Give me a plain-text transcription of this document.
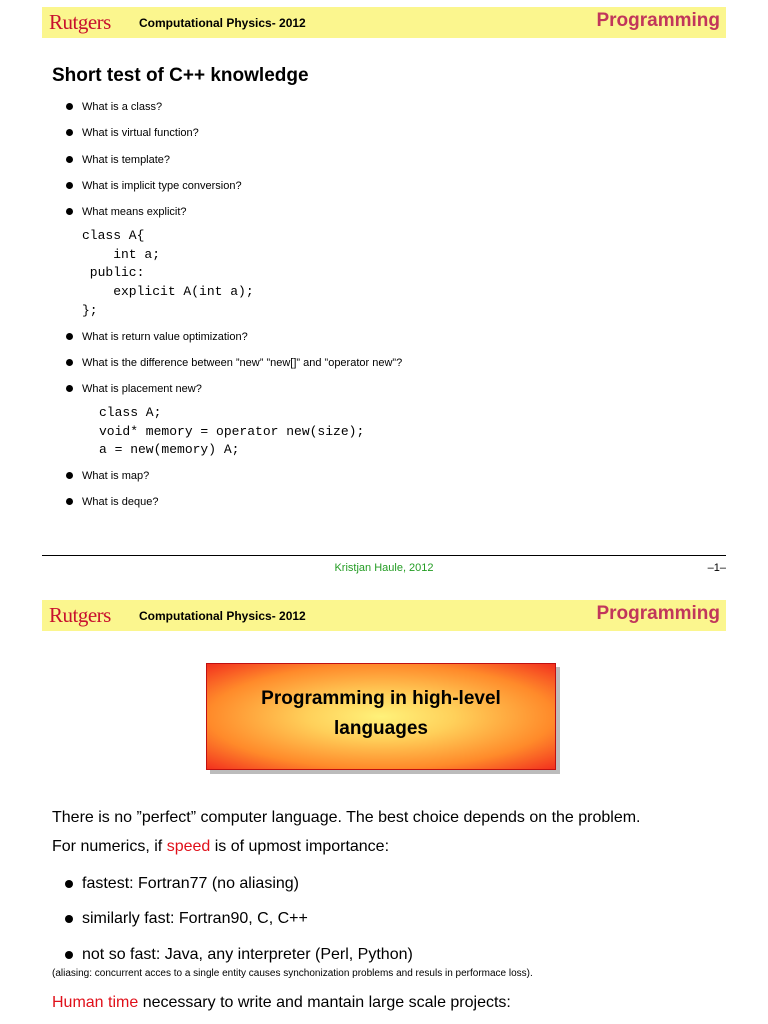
Rutgers Computational Physics- 2012	Programming
Short test of C++ knowledge
What is a class?
What is virtual function?
What is template?
What is implicit type conversion?
What means explicit?
What is return value optimization?
What is the difference between ”new” ”new[]” and ”operator new”?
What is placement new?
What is map?
What is deque?
class A{
int a;
public:
explicit A(int a);
};
class A;
void* memory = operator new(size);
a = new(memory) A;
Kristjan Haule, 2012	–1–
Rutgers Computational Physics- 2012	Programming
Programming in high-level
languages

There is no ”perfect” computer language. The best choice depends on the problem.

For numerics, if speed is of upmost importance:

fastest: Fortran77 (no aliasing)
similarly fast: Fortran90, C, C++
not so fast: Java, any interpreter (Perl, Python)
(aliasing: concurrent acces to a single entity causes synchonization problems and resuls in performace loss).

Human time necessary to write and mantain large scale projects:
